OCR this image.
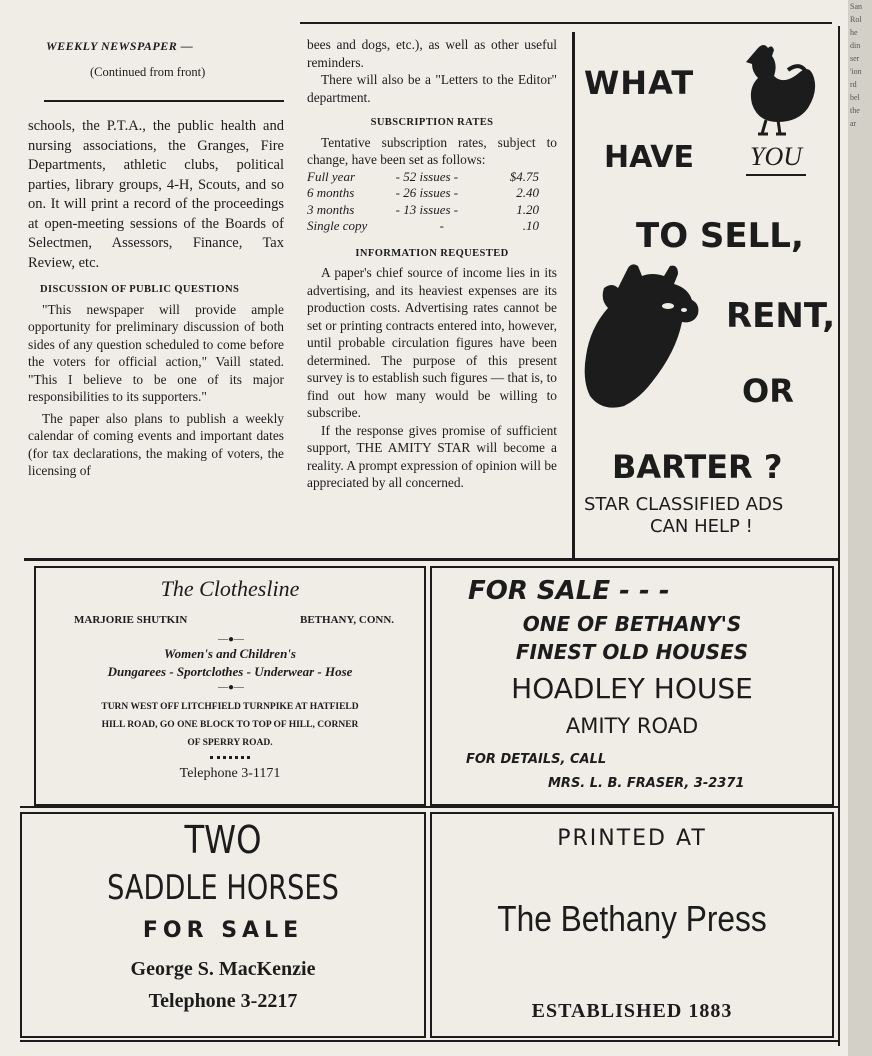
WEEKLY NEWSPAPER —
(Continued from front)

schools, the P.T.A., the public health and nursing associations, the Granges, Fire Departments, athletic clubs, political parties, library groups, 4-H, Scouts, and so on. It will print a record of the proceedings at open-meeting sessions of the Boards of Selectmen, Assessors, Finance, Tax Review, etc.

DISCUSSION OF PUBLIC QUESTIONS

"This newspaper will provide ample opportunity for preliminary discussion of both sides of any question scheduled to come before the voters for official action," Vaill stated. "This I believe to be one of its major responsibilities to its supporters."

The paper also plans to publish a weekly calendar of coming events and important dates (for tax declarations, the making of voters, the licensing of

bees and dogs, etc.), as well as other useful reminders.

There will also be a "Letters to the Editor" department.

SUBSCRIPTION RATES

Tentative subscription rates, subject to change, have been set as follows:

Full year	- 52 issues -	$4.75
6 months	- 26 issues -	2.40
3 months	- 13 issues -	1.20
Single copy	-	.10
INFORMATION REQUESTED

A paper's chief source of income lies in its advertising, and its heaviest expenses are its production costs. Advertising rates cannot be set or printing contracts entered into, however, until probable circulation figures have been determined. The purpose of this present survey is to establish such figures — that is, to find out how many would be willing to subscribe.

If the response gives promise of sufficient support, THE AMITY STAR will become a reality. A prompt expression of opinion will be appreciated by all concerned.

WHAT
HAVE YOU
TO SELL,
RENT,
OR
BARTER ?
STAR CLASSIFIED ADS
CAN HELP !
The Clothesline
MARJORIE SHUTKIN	BETHANY, CONN.
—●—
Women's and Children's
Dungarees - Sportclothes - Underwear - Hose
—●—
TURN WEST OFF LITCHFIELD TURNPIKE AT HATFIELD
HILL ROAD, GO ONE BLOCK TO TOP OF HILL, CORNER
OF SPERRY ROAD.
Telephone 3-1171
FOR SALE - - -
ONE OF BETHANY'S
FINEST OLD HOUSES
HOADLEY HOUSE
AMITY ROAD
FOR DETAILS, CALL
MRS. L. B. FRASER, 3-2371
TWO
SADDLE HORSES
FOR SALE
George S. MacKenzie
Telephone 3-2217
PRINTED AT
The Bethany Press
ESTABLISHED 1883
San
Rol
he
din
ser
'ion
rd
bel
the
ar
